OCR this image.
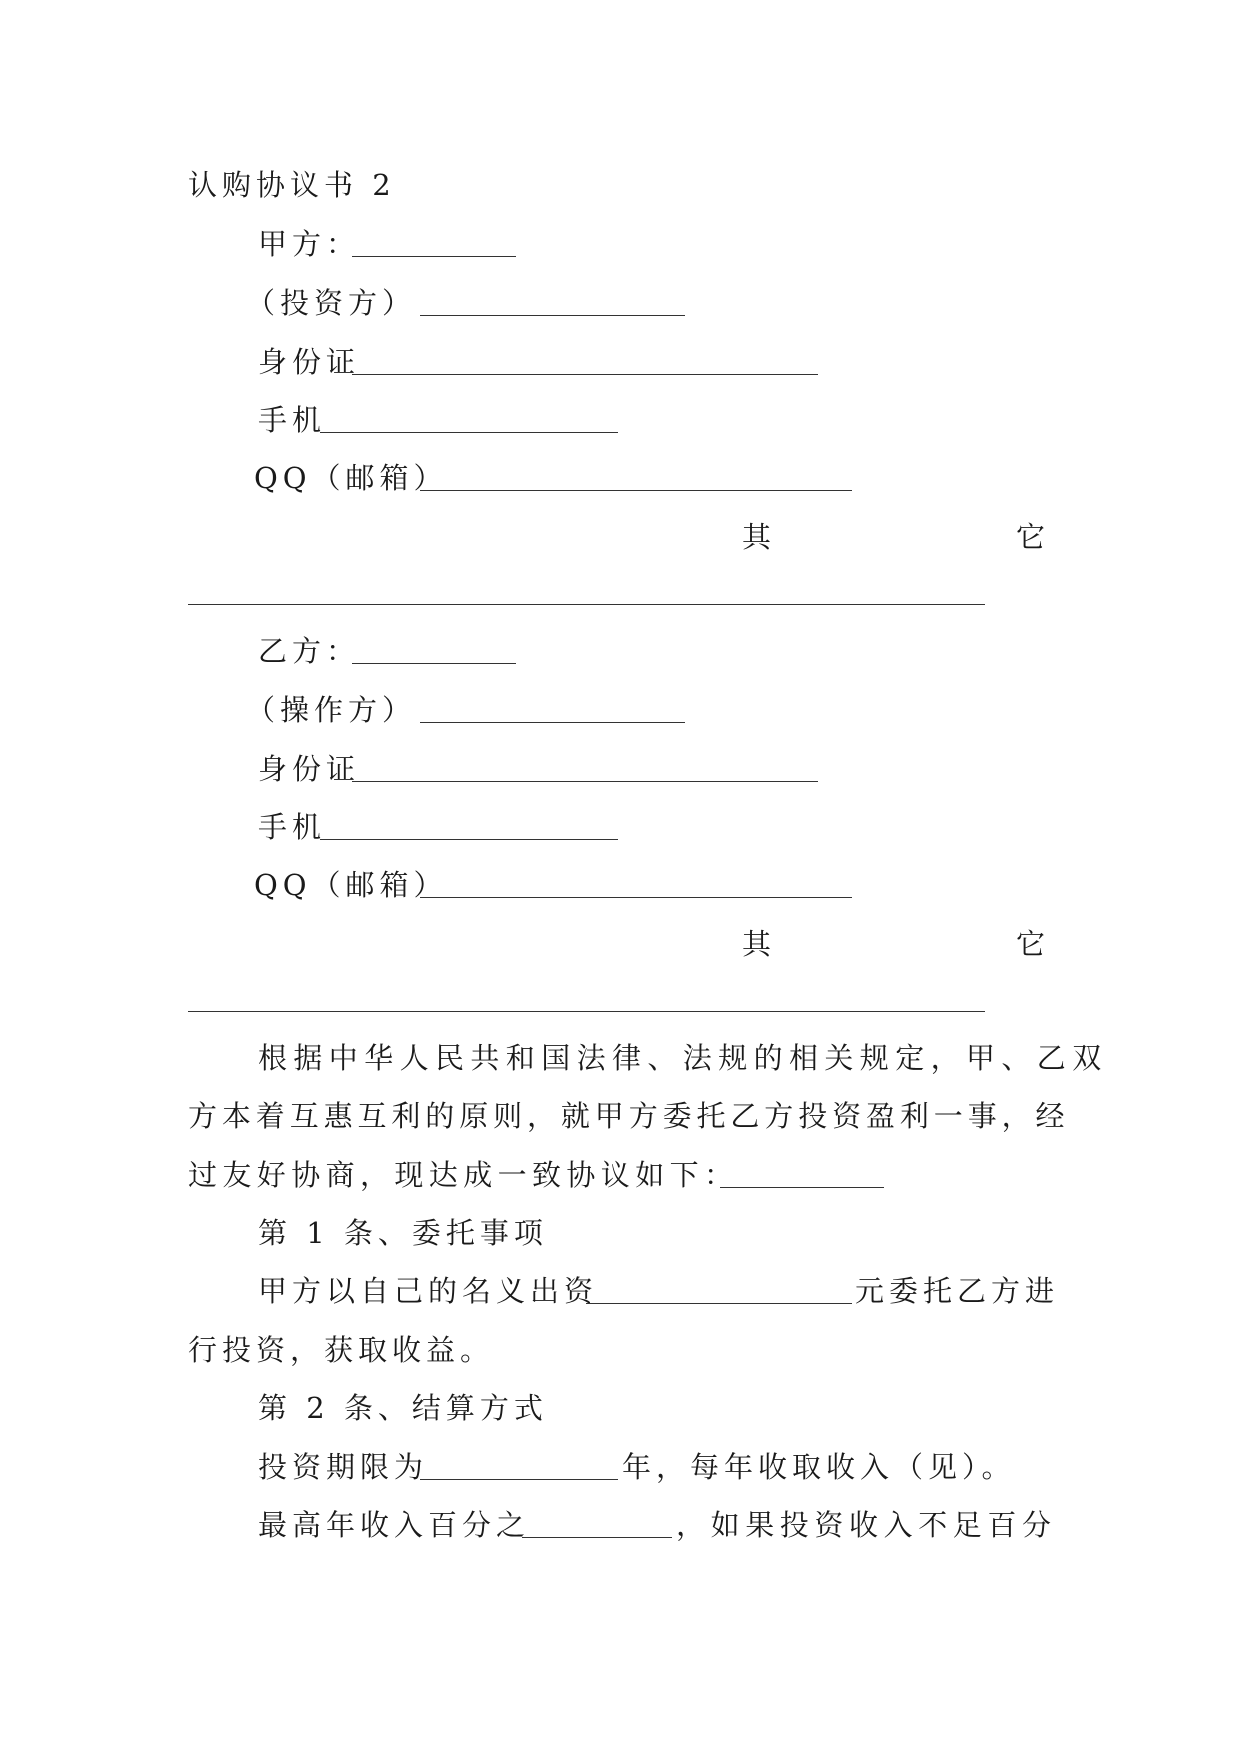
认购协议书 2
甲方：
（投资方）
身份证
手机
QQ（邮箱）
其	它
乙方：
（操作方）
身份证
手机
QQ（邮箱）
其	它
根据中华人民共和国法律、法规的相关规定，甲、乙双
方本着互惠互利的原则，就甲方委托乙方投资盈利一事，经
过友好协商，现达成一致协议如下：
第 1 条、委托事项
甲方以自己的名义出资	元委托乙方进
行投资，获取收益。
第 2 条、结算方式
投资期限为	年，每年收取收入（见）。
最高年收入百分之	，如果投资收入不足百分
